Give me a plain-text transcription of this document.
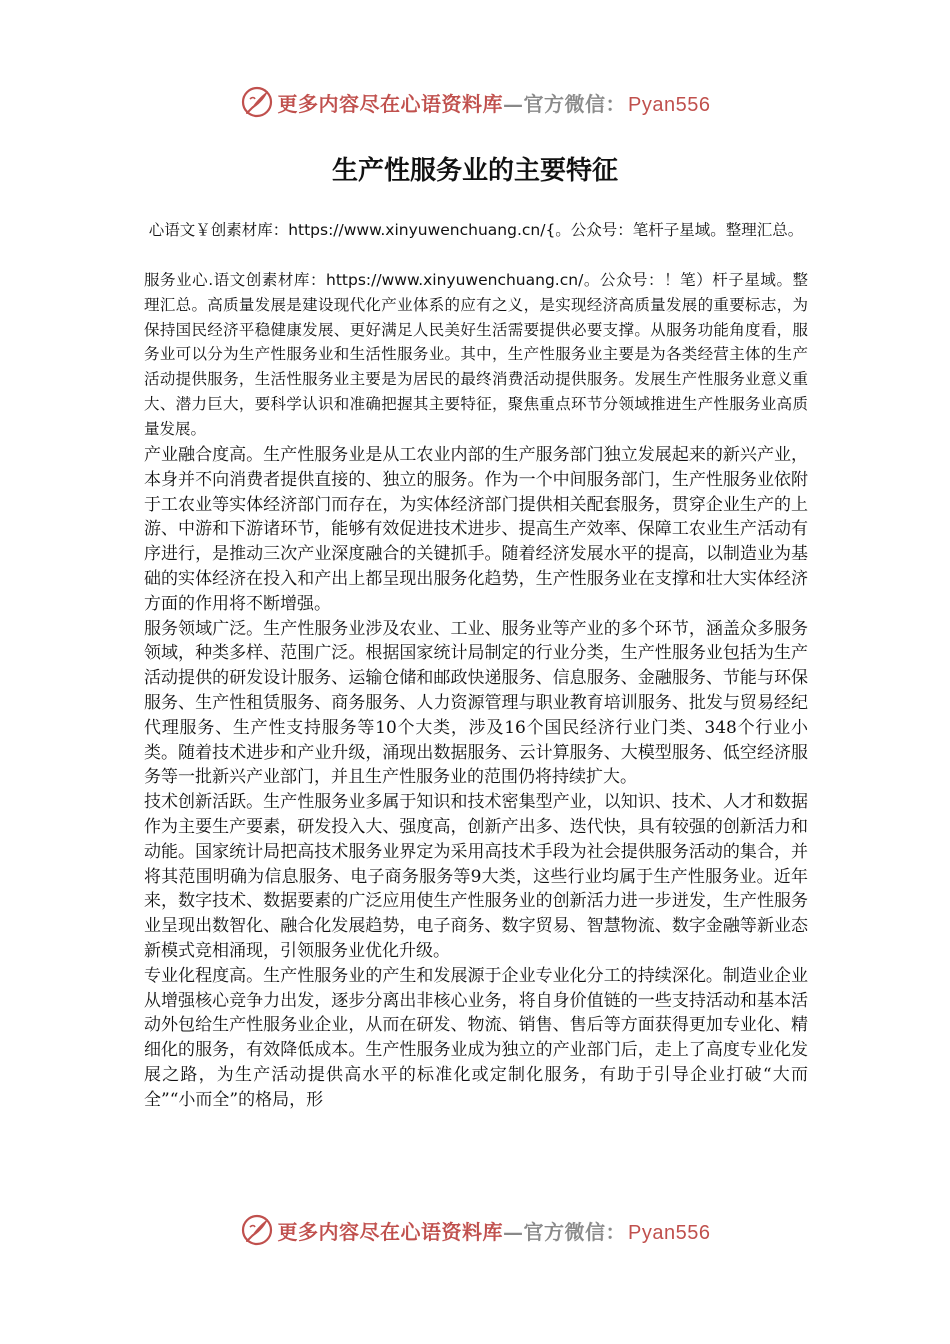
更多内容尽在心语资料库—官方微信： Pyan556
生产性服务业的主要特征
心语文￥创素材库：https://www.xinyuwenchuang.cn/{。公众号：笔杆子星域。整理汇总。

服务业心.语文创素材库：https://www.xinyuwenchuang.cn/。公众号：！笔）杆子星域。整理汇总。高质量发展是建设现代化产业体系的应有之义，是实现经济高质量发展的重要标志，为保持国民经济平稳健康发展、更好满足人民美好生活需要提供必要支撑。从服务功能角度看，服务业可以分为生产性服务业和生活性服务业。其中，生产性服务业主要是为各类经营主体的生产活动提供服务，生活性服务业主要是为居民的最终消费活动提供服务。发展生产性服务业意义重大、潜力巨大，要科学认识和准确把握其主要特征，聚焦重点环节分领域推进生产性服务业高质量发展。

产业融合度高。生产性服务业是从工农业内部的生产服务部门独立发展起来的新兴产业，本身并不向消费者提供直接的、独立的服务。作为一个中间服务部门，生产性服务业依附于工农业等实体经济部门而存在，为实体经济部门提供相关配套服务，贯穿企业生产的上游、中游和下游诸环节，能够有效促进技术进步、提高生产效率、保障工农业生产活动有序进行，是推动三次产业深度融合的关键抓手。随着经济发展水平的提高，以制造业为基础的实体经济在投入和产出上都呈现出服务化趋势，生产性服务业在支撑和壮大实体经济方面的作用将不断增强。

服务领域广泛。生产性服务业涉及农业、工业、服务业等产业的多个环节，涵盖众多服务领域，种类多样、范围广泛。根据国家统计局制定的行业分类，生产性服务业包括为生产活动提供的研发设计服务、运输仓储和邮政快递服务、信息服务、金融服务、节能与环保服务、生产性租赁服务、商务服务、人力资源管理与职业教育培训服务、批发与贸易经纪代理服务、生产性支持服务等10个大类，涉及16个国民经济行业门类、348个行业小类。随着技术进步和产业升级，涌现出数据服务、云计算服务、大模型服务、低空经济服务等一批新兴产业部门，并且生产性服务业的范围仍将持续扩大。

技术创新活跃。生产性服务业多属于知识和技术密集型产业，以知识、技术、人才和数据作为主要生产要素，研发投入大、强度高，创新产出多、迭代快，具有较强的创新活力和动能。国家统计局把高技术服务业界定为采用高技术手段为社会提供服务活动的集合，并将其范围明确为信息服务、电子商务服务等9大类，这些行业均属于生产性服务业。近年来，数字技术、数据要素的广泛应用使生产性服务业的创新活力进一步迸发，生产性服务业呈现出数智化、融合化发展趋势，电子商务、数字贸易、智慧物流、数字金融等新业态新模式竞相涌现，引领服务业优化升级。

专业化程度高。生产性服务业的产生和发展源于企业专业化分工的持续深化。制造业企业从增强核心竞争力出发，逐步分离出非核心业务，将自身价值链的一些支持活动和基本活动外包给生产性服务业企业，从而在研发、物流、销售、售后等方面获得更加专业化、精细化的服务，有效降低成本。生产性服务业成为独立的产业部门后，走上了高度专业化发展之路，为生产活动提供高水平的标准化或定制化服务，有助于引导企业打破“大而全”“小而全”的格局，形

更多内容尽在心语资料库—官方微信： Pyan556
